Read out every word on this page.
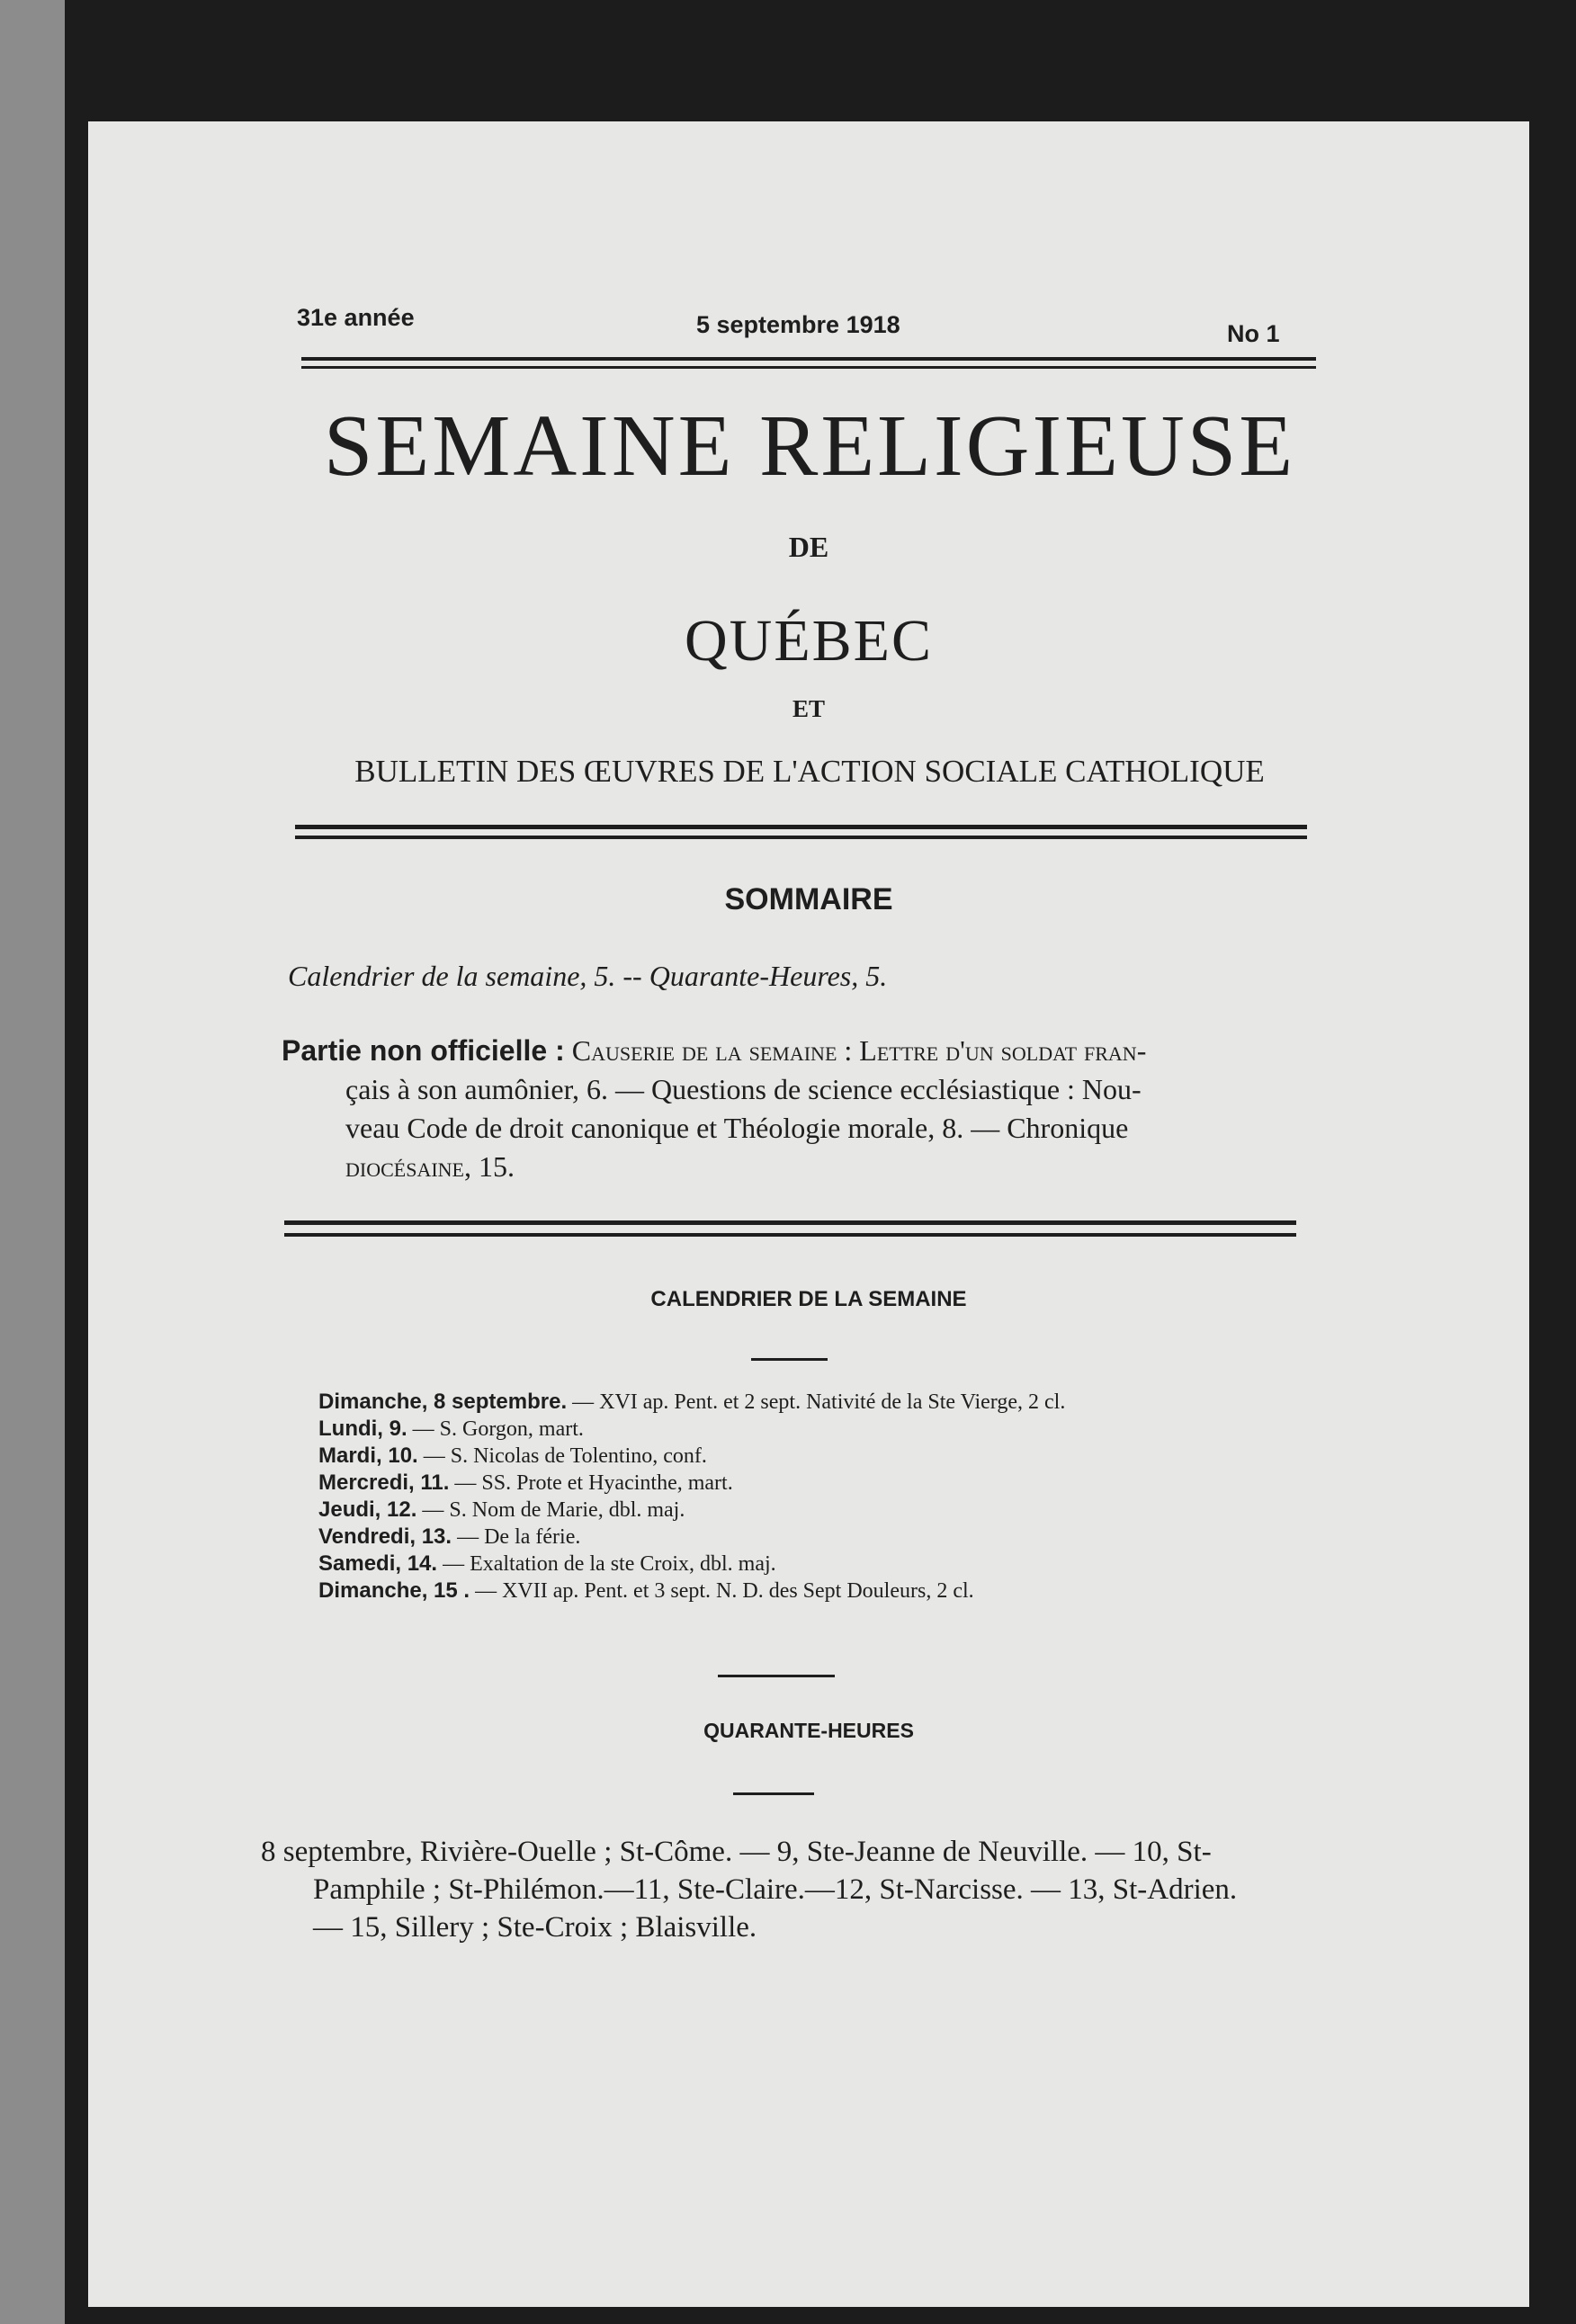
31e année	5 septembre 1918	No 1
SEMAINE RELIGIEUSE
DE
QUÉBEC
ET
BULLETIN DES ŒUVRES DE L'ACTION SOCIALE CATHOLIQUE
SOMMAIRE
Calendrier de la semaine, 5. -- Quarante-Heures, 5.
Partie non officielle : Causerie de la semaine : Lettre d'un soldat fran-
çais à son aumônier, 6. — Questions de science ecclésiastique : Nou-
veau Code de droit canonique et Théologie morale, 8. — Chronique
diocésaine, 15.
CALENDRIER DE LA SEMAINE
Dimanche, 8 septembre. — XVI ap. Pent. et 2 sept. Nativité de la Ste Vierge, 2 cl.
Lundi, 9. — S. Gorgon, mart.
Mardi, 10. — S. Nicolas de Tolentino, conf.
Mercredi, 11. — SS. Prote et Hyacinthe, mart.
Jeudi, 12. — S. Nom de Marie, dbl. maj.
Vendredi, 13. — De la férie.
Samedi, 14. — Exaltation de la ste Croix, dbl. maj.
Dimanche, 15 . — XVII ap. Pent. et 3 sept. N. D. des Sept Douleurs, 2 cl.
QUARANTE-HEURES
8 septembre, Rivière-Ouelle ; St-Côme. — 9, Ste-Jeanne de Neuville. — 10, St-
Pamphile ; St-Philémon.—11, Ste-Claire.—12, St-Narcisse. — 13, St-Adrien.
— 15, Sillery ; Ste-Croix ; Blaisville.
